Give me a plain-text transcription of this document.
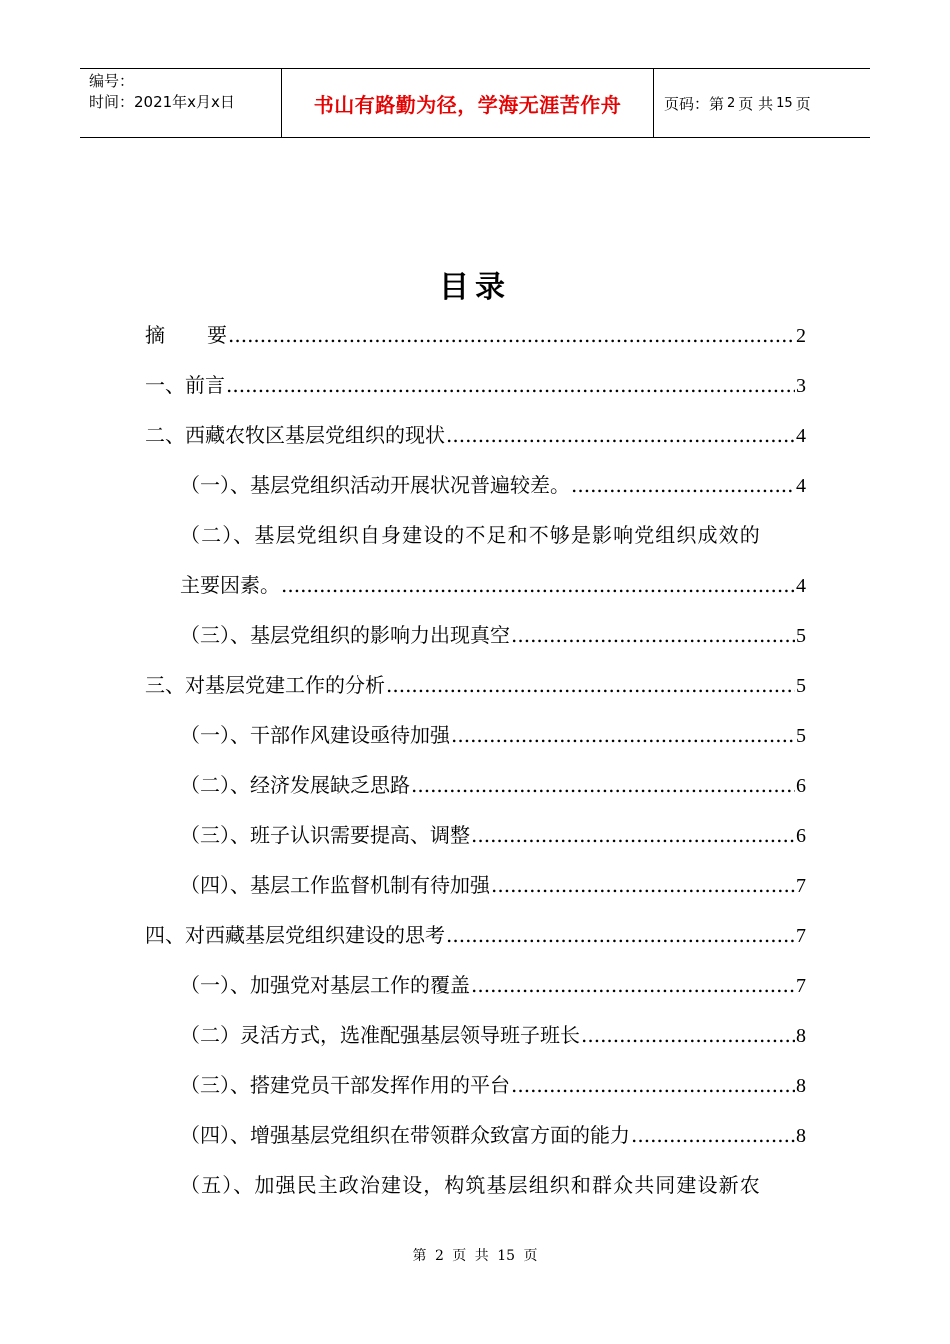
编号：
时间：2021年x月x日	书山有路勤为径，学海无涯苦作舟	页码：第 2 页 共 15 页
目录
摘 要 .....	2
一、前言 .....	3
二、西藏农牧区基层党组织的现状 .....	4
（一）、基层党组织活动开展状况普遍较差。 .....	4
（二）、基层党组织自身建设的不足和不够是影响党组织成效的
主要因素。 .....	4
（三）、基层党组织的影响力出现真空 .....	5
三、对基层党建工作的分析 .....	5
（一）、干部作风建设亟待加强 .....	5
（二）、经济发展缺乏思路 .....	6
（三）、班子认识需要提高、调整 .....	6
（四）、基层工作监督机制有待加强 .....	7
四、对西藏基层党组织建设的思考 .....	7
（一）、加强党对基层工作的覆盖 .....	7
（二）灵活方式，选准配强基层领导班子班长 .....	8
（三）、搭建党员干部发挥作用的平台 .....	8
（四）、增强基层党组织在带领群众致富方面的能力 .....	8
（五）、加强民主政治建设，构筑基层组织和群众共同建设新农
第 2 页 共 15 页
